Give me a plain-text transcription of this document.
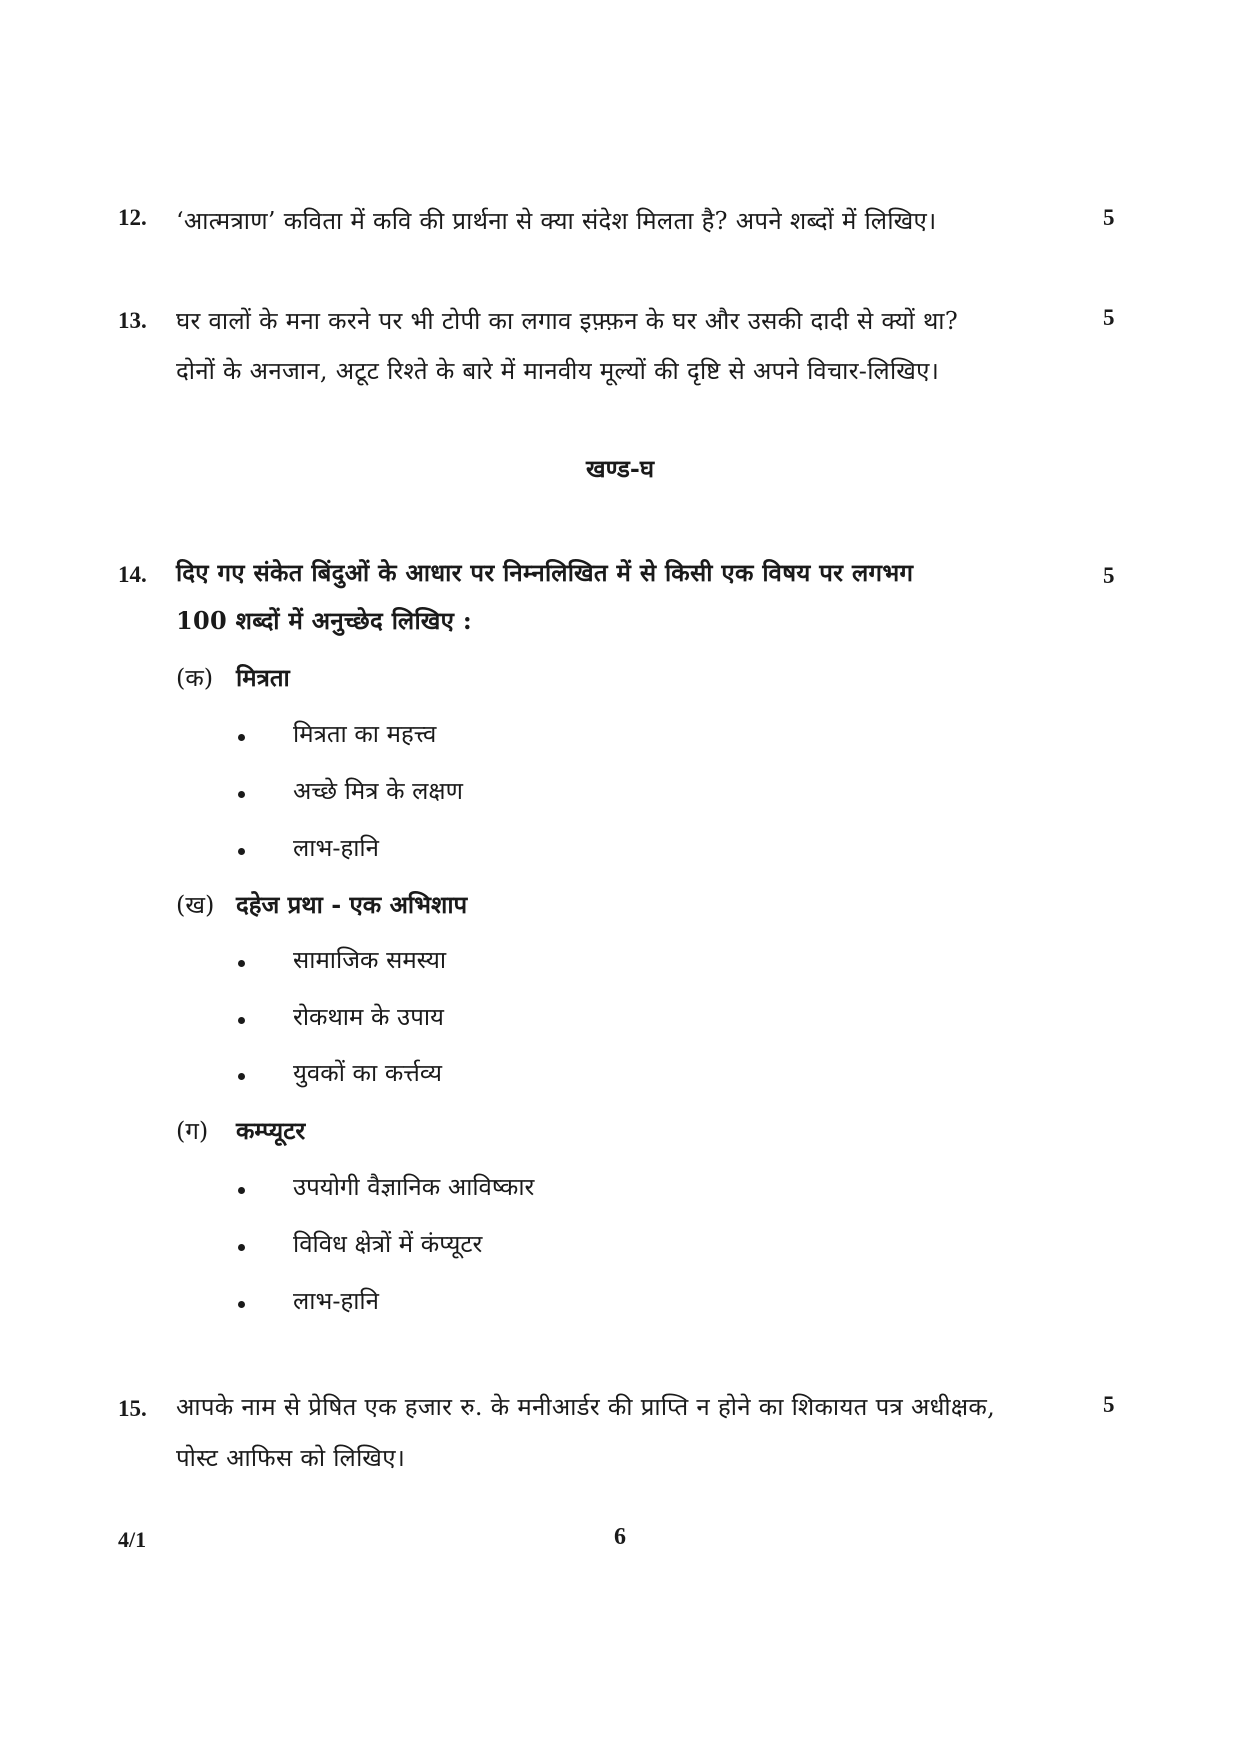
12. ‘आत्मत्राण’ कविता में कवि की प्रार्थना से क्या संदेश मिलता है? अपने शब्दों में लिखिए।	5
13. घर वालों के मना करने पर भी टोपी का लगाव इफ़्फ़न के घर और उसकी दादी से क्यों था?
दोनों के अनजान, अटूट रिश्ते के बारे में मानवीय मूल्यों की दृष्टि से अपने विचार-लिखिए।
5
खण्ड-घ
14. दिए गए संकेत बिंदुओं के आधार पर निम्नलिखित में से किसी एक विषय पर लगभग
100 शब्दों में अनुच्छेद लिखिए :
5
(क) मित्रता
मित्रता का महत्त्व
अच्छे मित्र के लक्षण
लाभ-हानि
(ख) दहेज प्रथा - एक अभिशाप
सामाजिक समस्या
रोकथाम के उपाय
युवकों का कर्त्तव्य
(ग) कम्प्यूटर
उपयोगी वैज्ञानिक आविष्कार
विविध क्षेत्रों में कंप्यूटर
लाभ-हानि
15. आपके नाम से प्रेषित एक हजार रु. के मनीआर्डर की प्राप्ति न होने का शिकायत पत्र अधीक्षक,
पोस्ट आफिस को लिखिए।
5
4/1	6
